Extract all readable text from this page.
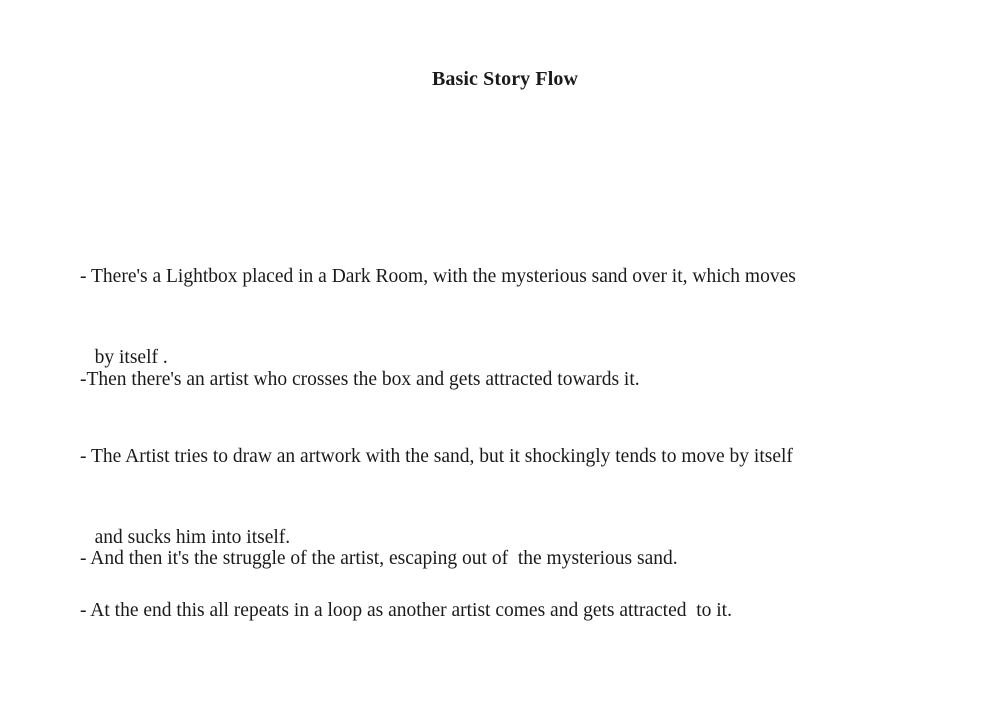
Basic Story Flow

- There's a Lightbox placed in a Dark Room, with the mysterious sand over it, which moves

by itself .

-Then there's an artist who crosses the box and gets attracted towards it.

- The Artist tries to draw an artwork with the sand, but it shockingly tends to move by itself

and sucks him into itself.

- And then it's the struggle of the artist, escaping out of  the mysterious sand.

- At the end this all repeats in a loop as another artist comes and gets attracted  to it.
